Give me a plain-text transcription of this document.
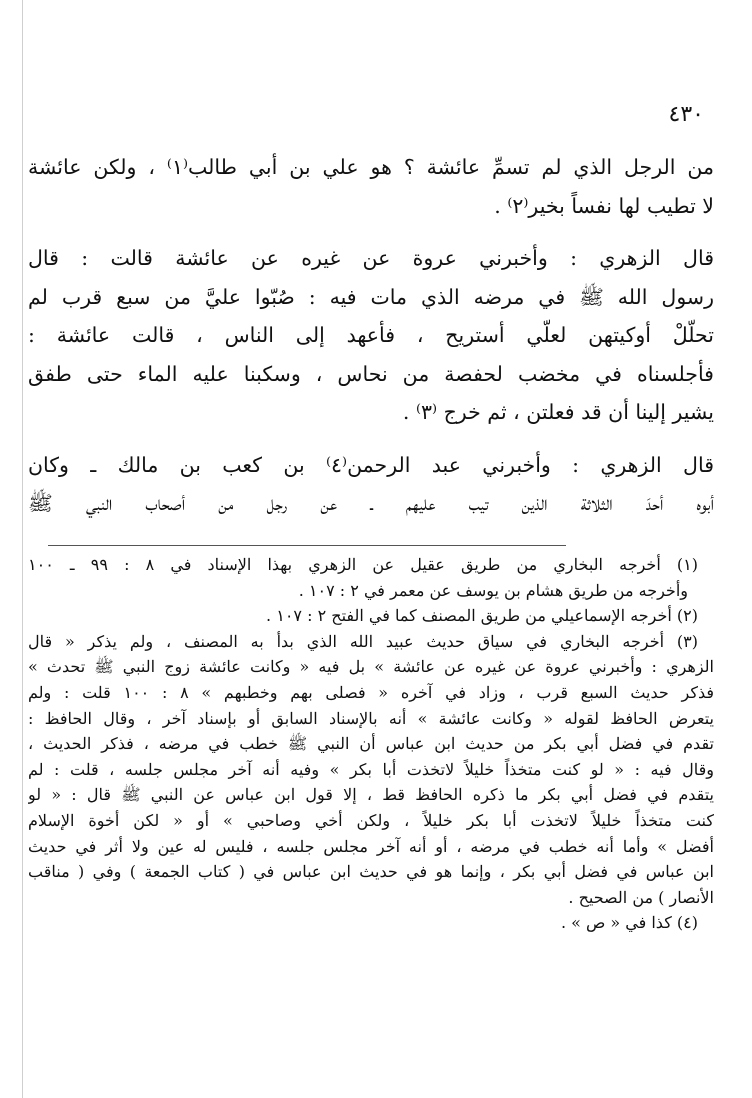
٤٣٠
من الرجل الذي لم تسمِّ عائشة ؟ هو علي بن أبي طالب⁽١⁾ ، ولكن عائشة
لا تطيب لها نفساً بخير⁽٢⁾ .
قال الزهري : وأخبرني عروة عن غيره عن عائشة قالت : قال
رسول الله ﷺ في مرضه الذي مات فيه : صُبّوا عليَّ من سبع قرب لم
تحلّلْ أوكيتهن لعلّي أستريح ، فأعهد إلى الناس ، قالت عائشة :
فأجلسناه في مخضب لحفصة من نحاس ، وسكبنا عليه الماء حتى طفق
يشير إلينا أن قد فعلتن ، ثم خرج ⁽٣⁾ .
قال الزهري : وأخبرني عبد الرحمن⁽٤⁾ بن كعب بن مالك ـ وكان
أبوه أحدَ الثلاثة الذين تيب عليهم ـ عن رجل من أصحاب النبي ﷺ
(١) أخرجه البخاري من طريق عقيل عن الزهري بهذا الإسناد في ٨ : ٩٩ ـ ١٠٠
وأخرجه من طريق هشام بن يوسف عن معمر في ٢ : ١٠٧ .
(٢) أخرجه الإسماعيلي من طريق المصنف كما في الفتح ٢ : ١٠٧ .
(٣) أخرجه البخاري في سياق حديث عبيد الله الذي بدأ به المصنف ، ولم يذكر « قال
الزهري : وأخبرني عروة عن غيره عن عائشة » بل فيه « وكانت عائشة زوج النبي ﷺ تحدث »
فذكر حديث السبع قرب ، وزاد في آخره « فصلى بهم وخطبهم » ٨ : ١٠٠ قلت : ولم
يتعرض الحافظ لقوله « وكانت عائشة » أنه بالإسناد السابق أو بإسناد آخر ، وقال الحافظ :
تقدم في فضل أبي بكر من حديث ابن عباس أن النبي ﷺ خطب في مرضه ، فذكر الحديث ،
وقال فيه : « لو كنت متخذاً خليلاً لاتخذت أبا بكر » وفيه أنه آخر مجلس جلسه ، قلت : لم
يتقدم في فضل أبي بكر ما ذكره الحافظ قط ، إلا قول ابن عباس عن النبي ﷺ قال : « لو
كنت متخذاً خليلاً لاتخذت أبا بكر خليلاً ، ولكن أخي وصاحبي » أو « لكن أخوة الإسلام
أفضل » وأما أنه خطب في مرضه ، أو أنه آخر مجلس جلسه ، فليس له عين ولا أثر في حديث
ابن عباس في فضل أبي بكر ، وإنما هو في حديث ابن عباس في ( كتاب الجمعة ) وفي ( مناقب
الأنصار ) من الصحيح .
(٤) كذا في « ص » .
